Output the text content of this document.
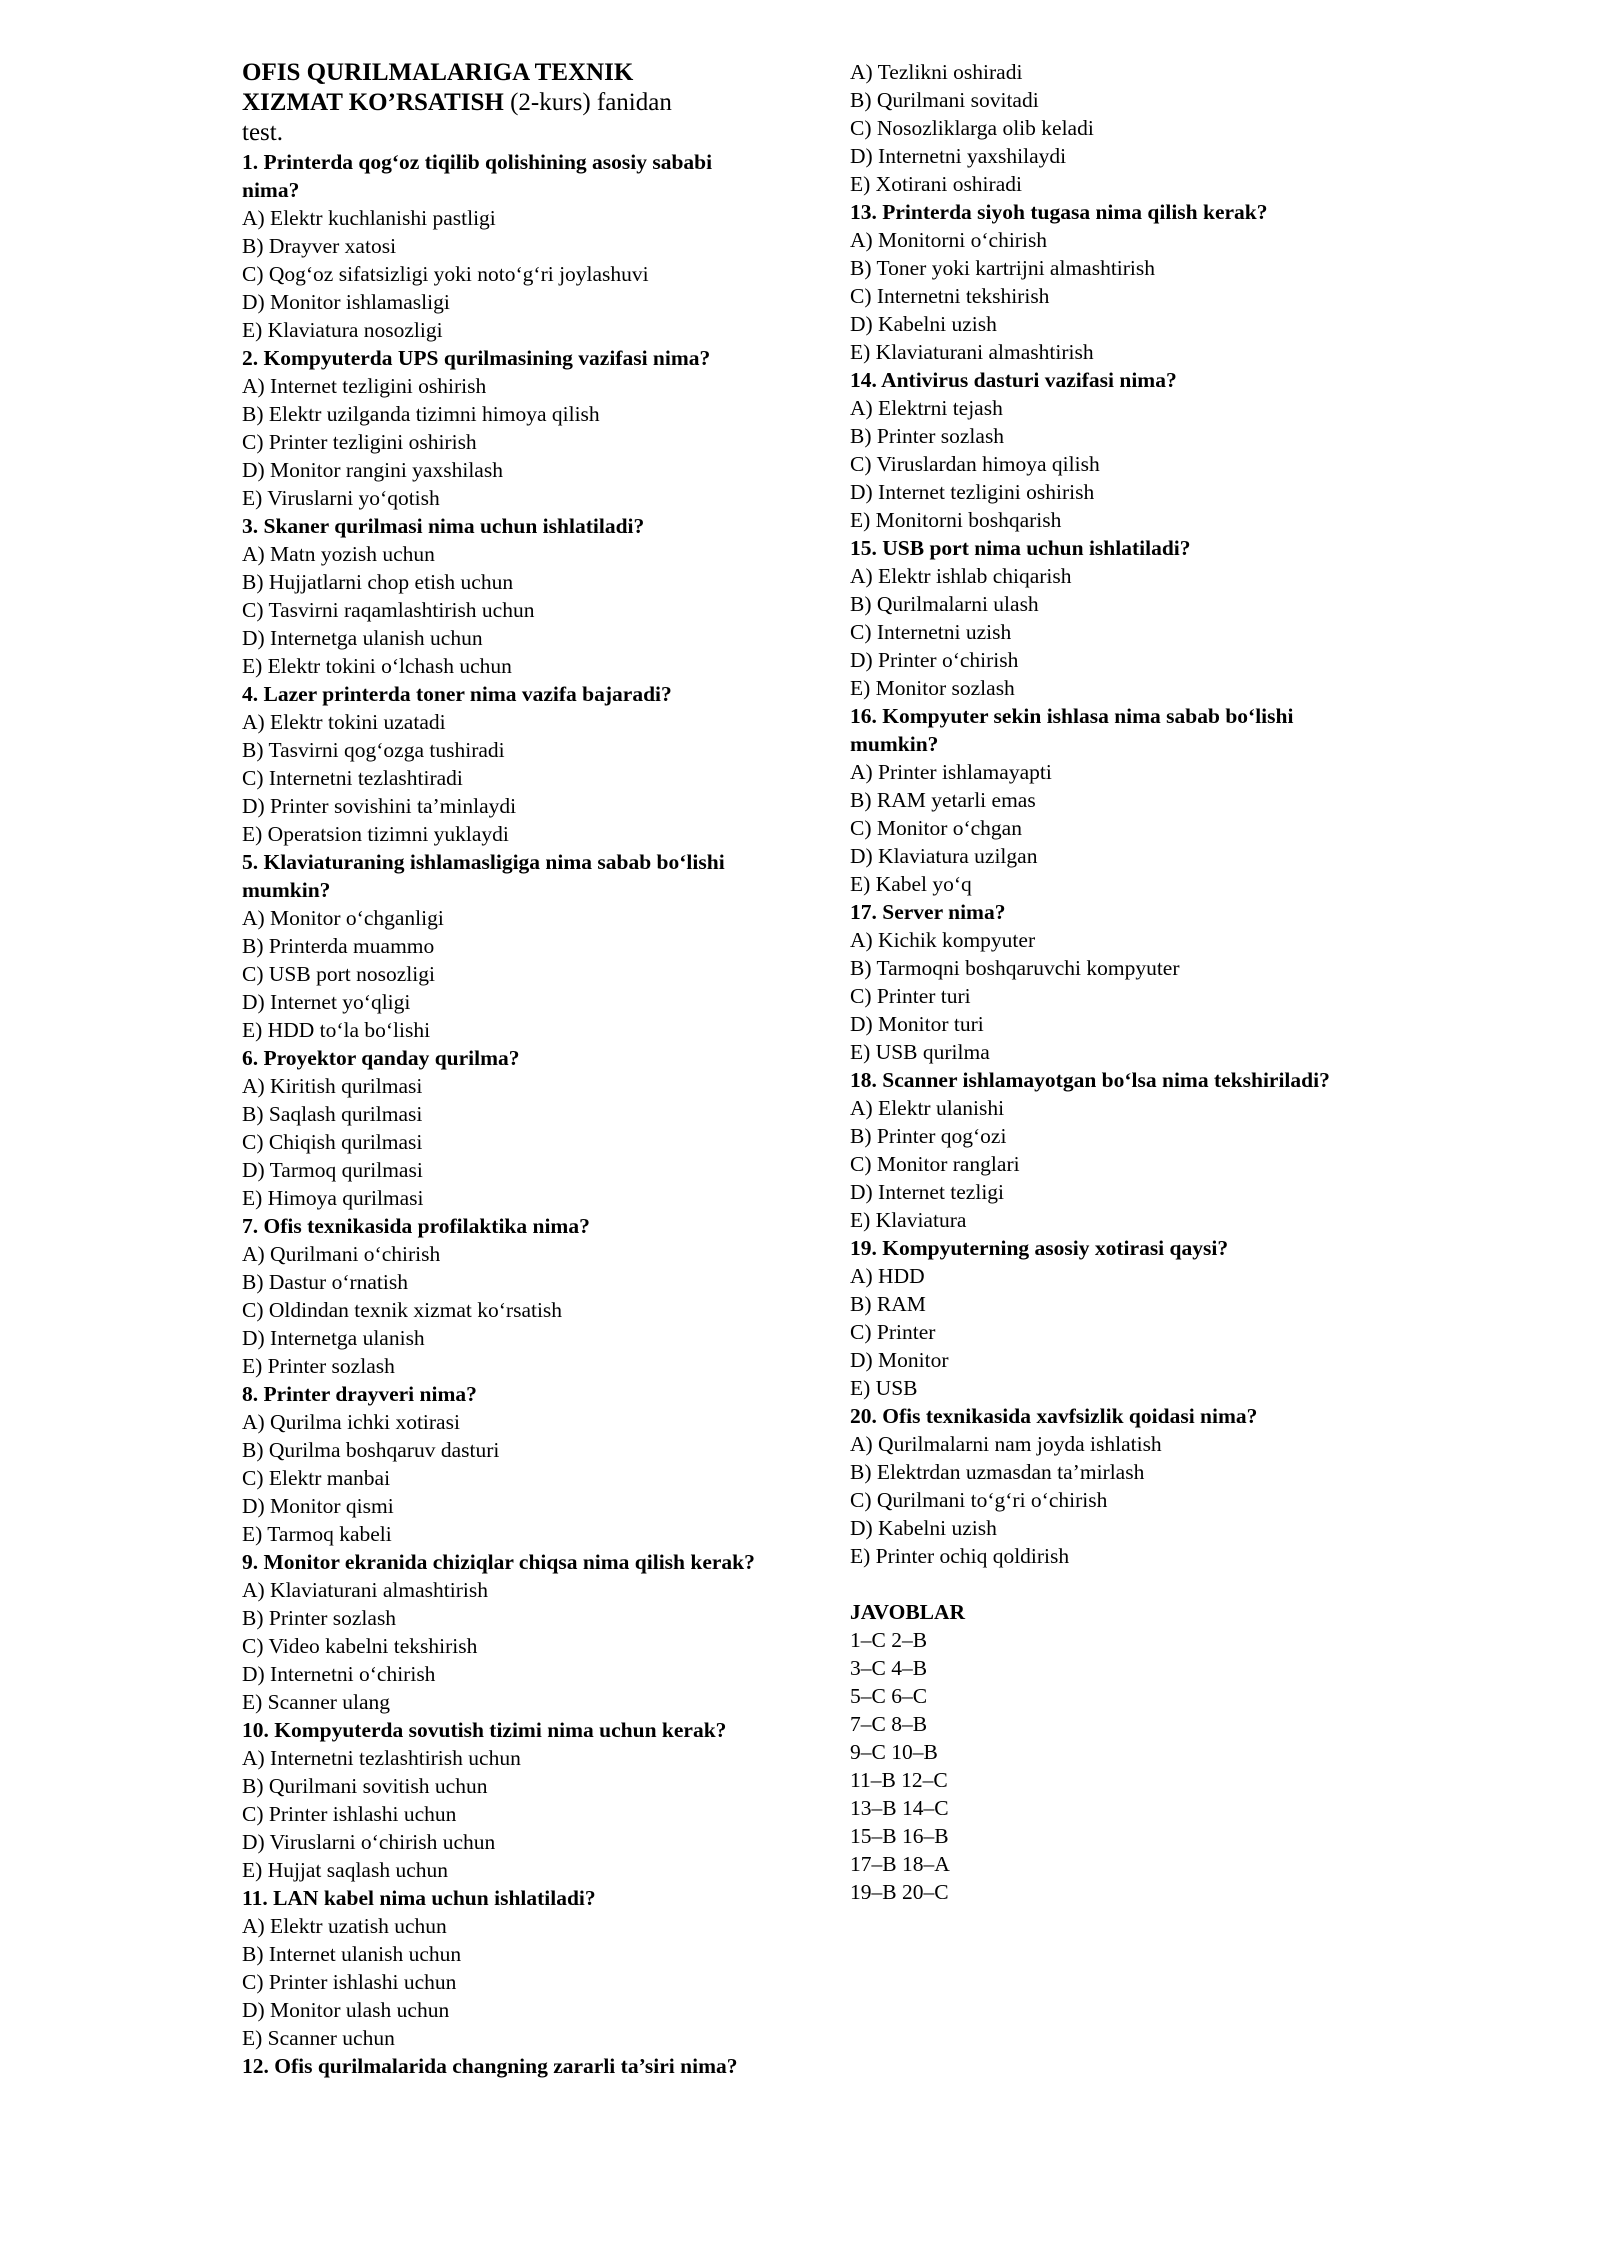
OFIS QURILMALARIGA TEXNIK
XIZMAT KO’RSATISH (2-kurs) fanidan
test.
1. Printerda qog‘oz tiqilib qolishining asosiy sababi nima?
A) Elektr kuchlanishi pastligi
B) Drayver xatosi
C) Qog‘oz sifatsizligi yoki noto‘g‘ri joylashuvi
D) Monitor ishlamasligi
E) Klaviatura nosozligi
2. Kompyuterda UPS qurilmasining vazifasi nima?
A) Internet tezligini oshirish
B) Elektr uzilganda tizimni himoya qilish
C) Printer tezligini oshirish
D) Monitor rangini yaxshilash
E) Viruslarni yo‘qotish
3. Skaner qurilmasi nima uchun ishlatiladi?
A) Matn yozish uchun
B) Hujjatlarni chop etish uchun
C) Tasvirni raqamlashtirish uchun
D) Internetga ulanish uchun
E) Elektr tokini o‘lchash uchun
4. Lazer printerda toner nima vazifa bajaradi?
A) Elektr tokini uzatadi
B) Tasvirni qog‘ozga tushiradi
C) Internetni tezlashtiradi
D) Printer sovishini ta’minlaydi
E) Operatsion tizimni yuklaydi
5. Klaviaturaning ishlamasligiga nima sabab bo‘lishi mumkin?
A) Monitor o‘chganligi
B) Printerda muammo
C) USB port nosozligi
D) Internet yo‘qligi
E) HDD to‘la bo‘lishi
6. Proyektor qanday qurilma?
A) Kiritish qurilmasi
B) Saqlash qurilmasi
C) Chiqish qurilmasi
D) Tarmoq qurilmasi
E) Himoya qurilmasi
7. Ofis texnikasida profilaktika nima?
A) Qurilmani o‘chirish
B) Dastur o‘rnatish
C) Oldindan texnik xizmat ko‘rsatish
D) Internetga ulanish
E) Printer sozlash
8. Printer drayveri nima?
A) Qurilma ichki xotirasi
B) Qurilma boshqaruv dasturi
C) Elektr manbai
D) Monitor qismi
E) Tarmoq kabeli
9. Monitor ekranida chiziqlar chiqsa nima qilish kerak?
A) Klaviaturani almashtirish
B) Printer sozlash
C) Video kabelni tekshirish
D) Internetni o‘chirish
E) Scanner ulang
10. Kompyuterda sovutish tizimi nima uchun kerak?
A) Internetni tezlashtirish uchun
B) Qurilmani sovitish uchun
C) Printer ishlashi uchun
D) Viruslarni o‘chirish uchun
E) Hujjat saqlash uchun
11. LAN kabel nima uchun ishlatiladi?
A) Elektr uzatish uchun
B) Internet ulanish uchun
C) Printer ishlashi uchun
D) Monitor ulash uchun
E) Scanner uchun
12. Ofis qurilmalarida changning zararli ta’siri nima?
A) Tezlikni oshiradi
B) Qurilmani sovitadi
C) Nosozliklarga olib keladi
D) Internetni yaxshilaydi
E) Xotirani oshiradi
13. Printerda siyoh tugasa nima qilish kerak?
A) Monitorni o‘chirish
B) Toner yoki kartrijni almashtirish
C) Internetni tekshirish
D) Kabelni uzish
E) Klaviaturani almashtirish
14. Antivirus dasturi vazifasi nima?
A) Elektrni tejash
B) Printer sozlash
C) Viruslardan himoya qilish
D) Internet tezligini oshirish
E) Monitorni boshqarish
15. USB port nima uchun ishlatiladi?
A) Elektr ishlab chiqarish
B) Qurilmalarni ulash
C) Internetni uzish
D) Printer o‘chirish
E) Monitor sozlash
16. Kompyuter sekin ishlasa nima sabab bo‘lishi mumkin?
A) Printer ishlamayapti
B) RAM yetarli emas
C) Monitor o‘chgan
D) Klaviatura uzilgan
E) Kabel yo‘q
17. Server nima?
A) Kichik kompyuter
B) Tarmoqni boshqaruvchi kompyuter
C) Printer turi
D) Monitor turi
E) USB qurilma
18. Scanner ishlamayotgan bo‘lsa nima tekshiriladi?
A) Elektr ulanishi
B) Printer qog‘ozi
C) Monitor ranglari
D) Internet tezligi
E) Klaviatura
19. Kompyuterning asosiy xotirasi qaysi?
A) HDD
B) RAM
C) Printer
D) Monitor
E) USB
20. Ofis texnikasida xavfsizlik qoidasi nima?
A) Qurilmalarni nam joyda ishlatish
B) Elektrdan uzmasdan ta’mirlash
C) Qurilmani to‘g‘ri o‘chirish
D) Kabelni uzish
E) Printer ochiq qoldirish
JAVOBLAR
1–C 2–B
3–C 4–B
5–C 6–C
7–C 8–B
9–C 10–B
11–B 12–C
13–B 14–C
15–B 16–B
17–B 18–A
19–B 20–C
